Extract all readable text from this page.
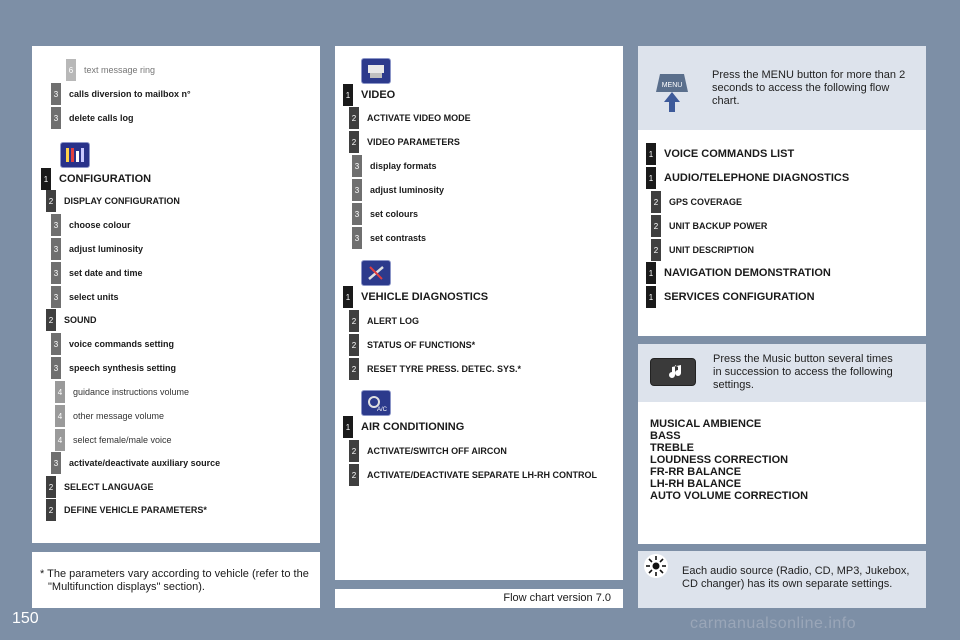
6	text message ring
3	calls diversion to mailbox n°
3	delete calls log
1 CONFIGURATION
2	DISPLAY CONFIGURATION
3	choose colour
3	adjust luminosity
3	set date and time
3	select units
2	SOUND
3	voice commands setting
3	speech synthesis setting
4	guidance instructions volume
4	other message volume
4	select female/male voice
3	activate/deactivate auxiliary source
2	SELECT LANGUAGE
2	DEFINE VEHICLE PARAMETERS*
* The parameters vary according to vehicle (refer to the "Multifunction displays" section).
1 VIDEO
2	ACTIVATE VIDEO MODE
2	VIDEO PARAMETERS
3	display formats
3	adjust luminosity
3	set colours
3	set contrasts
1 VEHICLE DIAGNOSTICS
2	ALERT LOG
2	STATUS OF FUNCTIONS*
2	RESET TYRE PRESS. DETEC. SYS.*
1 AIR CONDITIONING
2	ACTIVATE/SWITCH OFF AIRCON
2	ACTIVATE/DEACTIVATE SEPARATE LH-RH CONTROL
A/C
Flow chart version 7.0
MENU
Press the MENU button for more than 2 seconds to access the following flow chart.
1 VOICE COMMANDS LIST
1 AUDIO/TELEPHONE DIAGNOSTICS
2	GPS COVERAGE
2	UNIT BACKUP POWER
2	UNIT DESCRIPTION
1 NAVIGATION DEMONSTRATION
1 SERVICES CONFIGURATION
Press the Music button several times in succession to access the following settings.
MUSICAL AMBIENCE
BASS
TREBLE
LOUDNESS CORRECTION
FR-RR BALANCE
LH-RH BALANCE
AUTO VOLUME CORRECTION
Each audio source (Radio, CD, MP3, Jukebox, CD changer) has its own separate settings.
150	carmanualsonline.info
